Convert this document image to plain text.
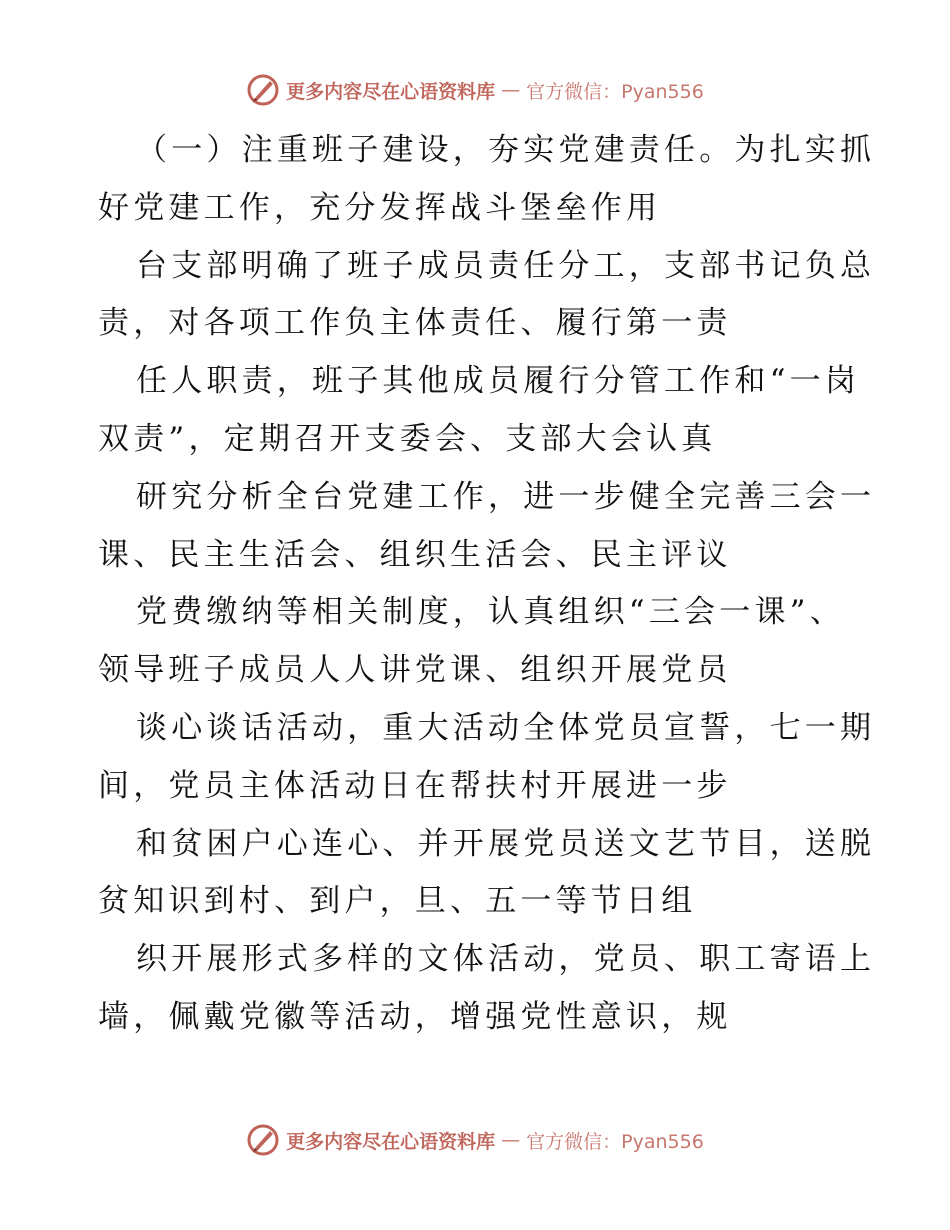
更多内容尽在心语资料库 — 官方微信：Pyan556

（一）注重班子建设，夯实党建责任。为扎实抓
好党建工作，充分发挥战斗堡垒作用

台支部明确了班子成员责任分工，支部书记负总
责，对各项工作负主体责任、履行第一责

任人职责，班子其他成员履行分管工作和“一岗
双责”，定期召开支委会、支部大会认真

研究分析全台党建工作，进一步健全完善三会一
课、民主生活会、组织生活会、民主评议

党费缴纳等相关制度，认真组织“三会一课”、
领导班子成员人人讲党课、组织开展党员

谈心谈话活动，重大活动全体党员宣誓，七一期
间，党员主体活动日在帮扶村开展进一步

和贫困户心连心、并开展党员送文艺节目，送脱
贫知识到村、到户，旦、五一等节日组

织开展形式多样的文体活动，党员、职工寄语上
墙，佩戴党徽等活动，增强党性意识，规

更多内容尽在心语资料库 — 官方微信：Pyan556
